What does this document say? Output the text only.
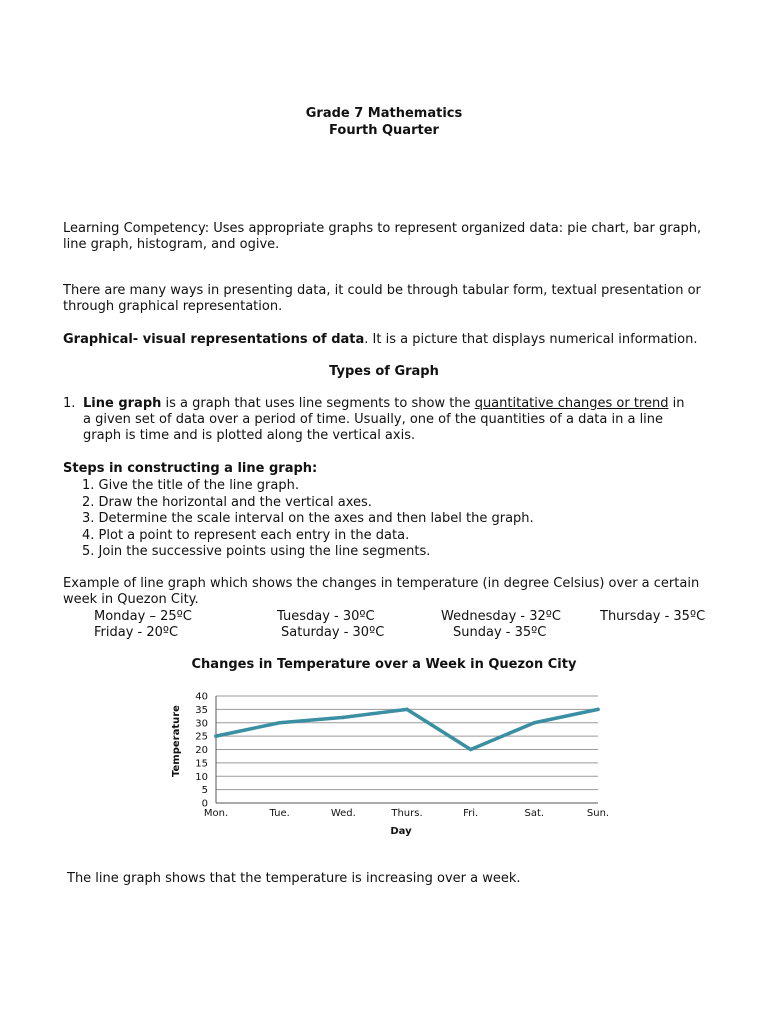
Grade 7 Mathematics
Fourth Quarter
Learning Competency: Uses appropriate graphs to represent organized data: pie chart, bar graph, line graph, histogram, and ogive.
There are many ways in presenting data, it could be through tabular form, textual presentation or through graphical representation.
Graphical- visual representations of data. It is a picture that displays numerical information.
Types of Graph
1. Line graph is a graph that uses line segments to show the quantitative changes or trend in a given set of data over a period of time. Usually, one of the quantities of a data in a line graph is time and is plotted along the vertical axis.
Steps in constructing a line graph:
1. Give the title of the line graph.
2. Draw the horizontal and the vertical axes.
3. Determine the scale interval on the axes and then label the graph.
4. Plot a point to represent each entry in the data.
5. Join the successive points using the line segments.
Example of line graph which shows the changes in temperature (in degree Celsius) over a certain week in Quezon City.
Monday – 25ºC	Tuesday - 30ºC	Wednesday - 32ºC	Thursday - 35ºC
Friday - 20ºC	Saturday - 30ºC	Sunday - 35ºC
Changes in Temperature over a Week in Quezon City
0
5
10
15
20
25
30
35
40
Mon.	Tue.	Wed.	Thurs.	Fri.	Sat.	Sun.
Temperature
Day
The line graph shows that the temperature is increasing over a week.
